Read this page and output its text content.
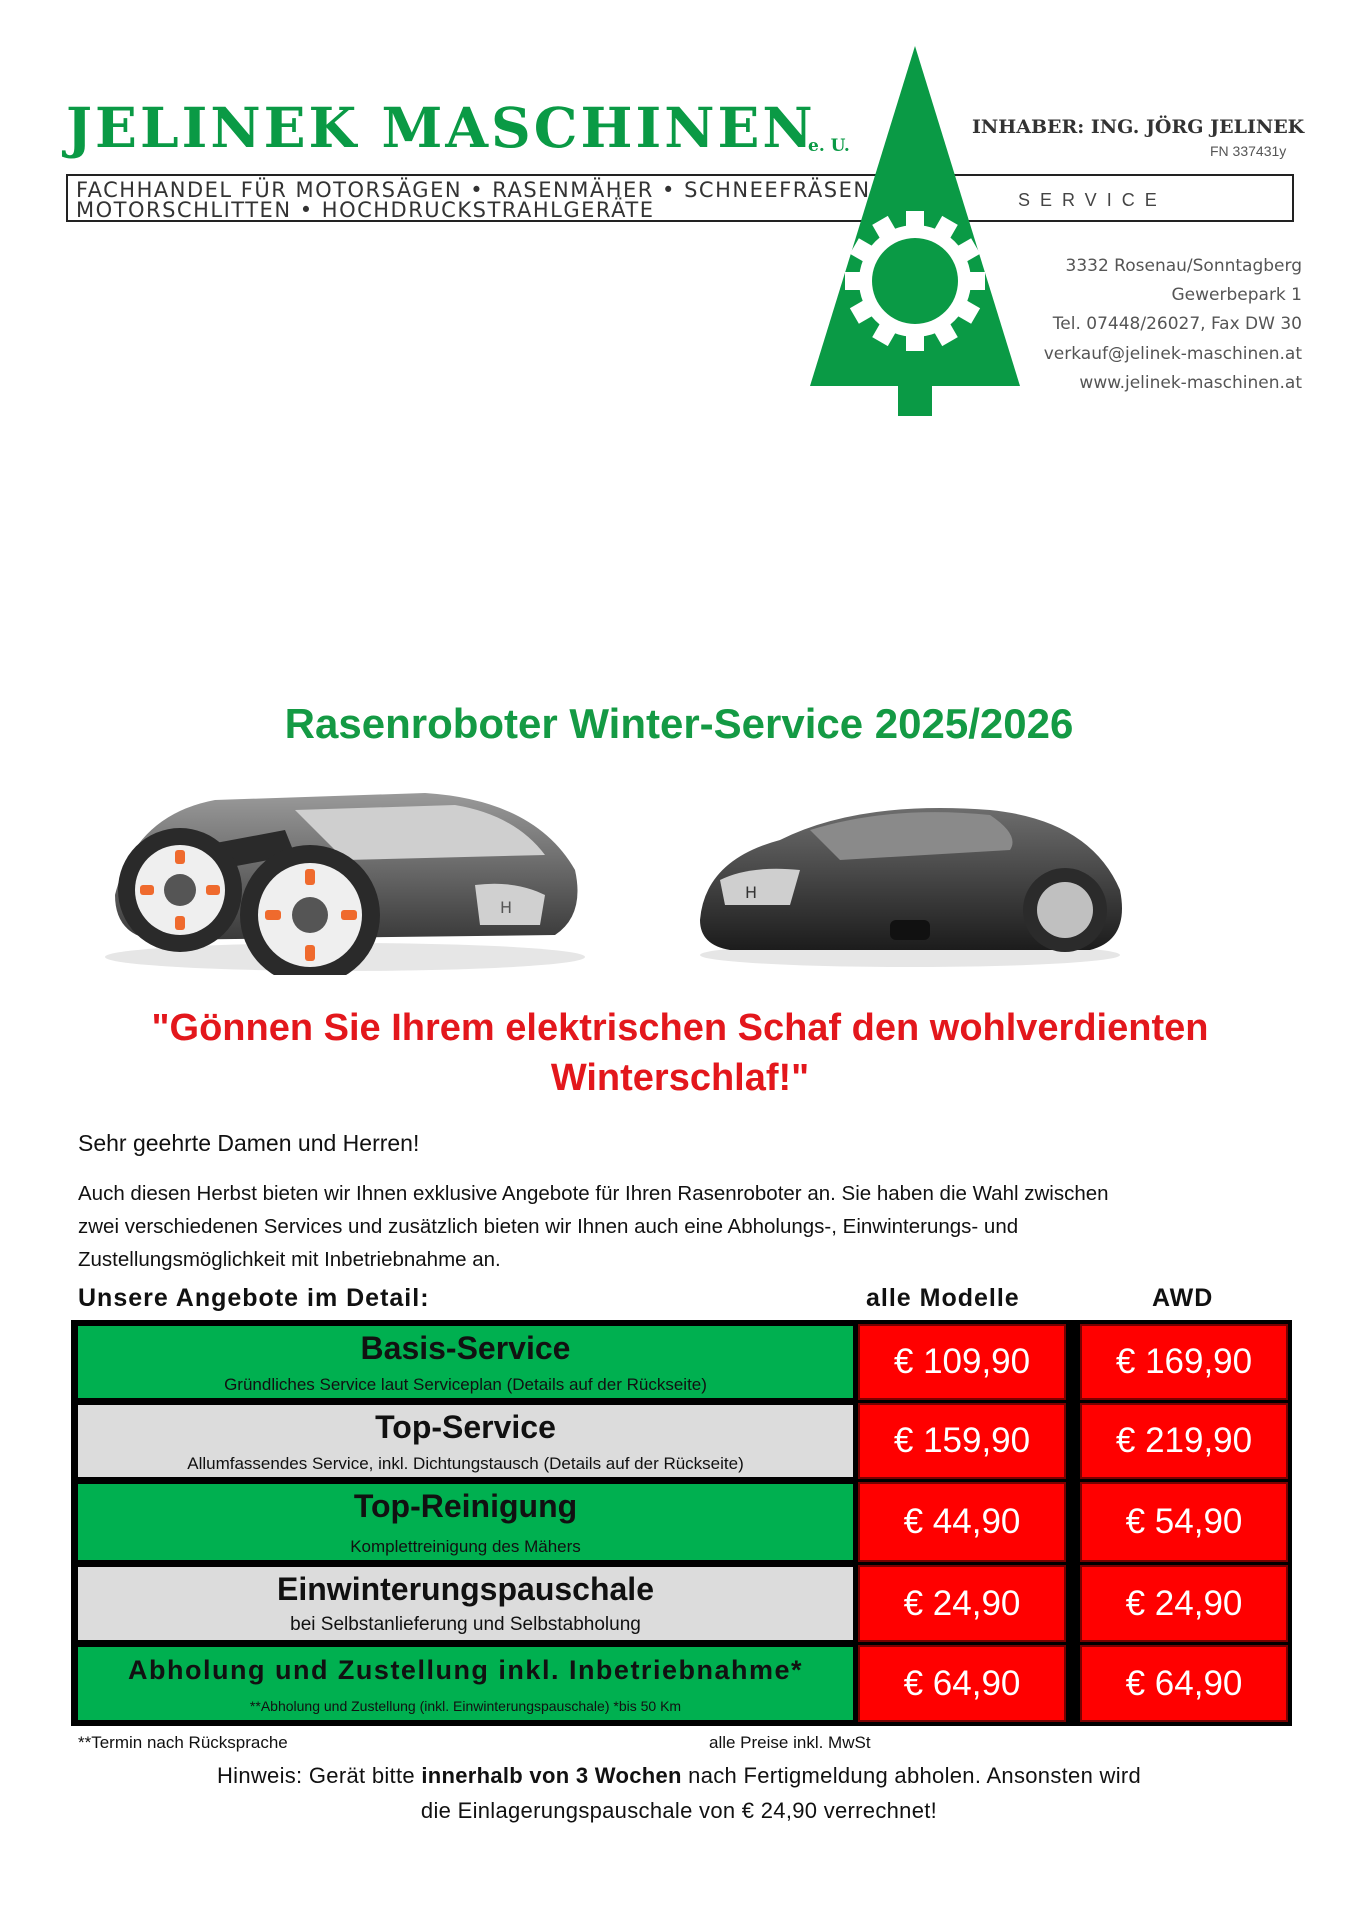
JELINEK MASCHINEN
e. U.
FACHHANDEL FÜR MOTORSÄGEN • RASENMÄHER • SCHNEEFRÄSEN
MOTORSCHLITTEN • HOCHDRUCKSTRAHLGERÄTE
INHABER: ING. JÖRG JELINEK
FN 337431y
SERVICE
3332 Rosenau/Sonntagberg
Gewerbepark 1
Tel. 07448/26027, Fax DW 30
verkauf@jelinek-maschinen.at
www.jelinek-maschinen.at
Rasenroboter Winter-Service 2025/2026
H
H
"Gönnen Sie Ihrem elektrischen Schaf den wohlverdienten
Winterschlaf!"
Sehr geehrte Damen und Herren!
Auch diesen Herbst bieten wir Ihnen exklusive Angebote für Ihren Rasenroboter an. Sie haben die Wahl zwischen
zwei verschiedenen Services und zusätzlich bieten wir Ihnen auch eine Abholungs-, Einwinterungs- und
Zustellungsmöglichkeit mit Inbetriebnahme an.
Unsere Angebote im Detail:	alle Modelle	AWD
Basis-Service
Gründliches Service laut Serviceplan (Details auf der Rückseite)
€ 109,90	€ 169,90
Top-Service
Allumfassendes Service, inkl. Dichtungstausch (Details auf der Rückseite)
€ 159,90	€ 219,90
Top-Reinigung
Komplettreinigung des Mähers
€ 44,90	€ 54,90
Einwinterungspauschale
bei Selbstanlieferung und Selbstabholung
€ 24,90	€ 24,90
Abholung und Zustellung inkl. Inbetriebnahme*
**Abholung und Zustellung (inkl. Einwinterungspauschale) *bis 50 Km
€ 64,90	€ 64,90
**Termin nach Rücksprache	alle Preise inkl. MwSt
Hinweis: Gerät bitte innerhalb von 3 Wochen nach Fertigmeldung abholen. Ansonsten wird
die Einlagerungspauschale von € 24,90 verrechnet!
